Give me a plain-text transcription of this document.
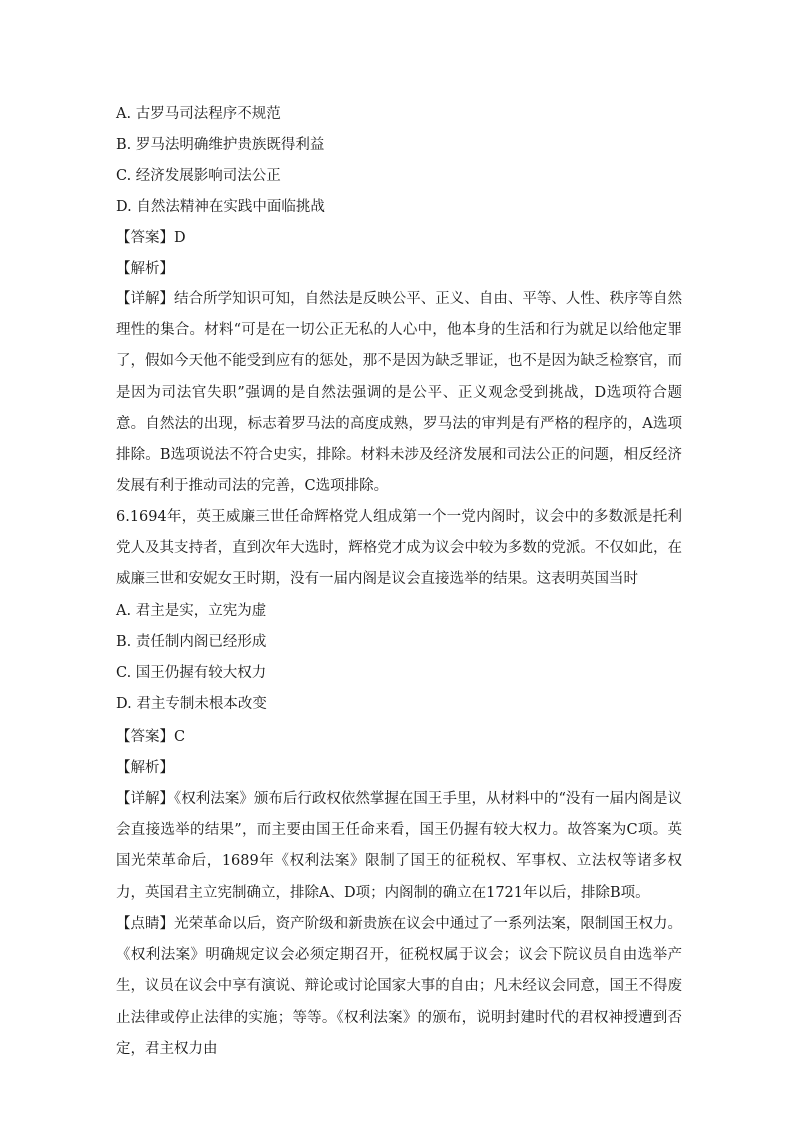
A. 古罗马司法程序不规范
B. 罗马法明确维护贵族既得利益
C. 经济发展影响司法公正
D. 自然法精神在实践中面临挑战
【答案】D
【解析】
【详解】结合所学知识可知，自然法是反映公平、正义、自由、平等、人性、秩序等自然理性的集合。材料“可是在一切公正无私的人心中，他本身的生活和行为就足以给他定罪了，假如今天他不能受到应有的惩处，那不是因为缺乏罪证，也不是因为缺乏检察官，而是因为司法官失职”强调的是自然法强调的是公平、正义观念受到挑战，D选项符合题意。自然法的出现，标志着罗马法的高度成熟，罗马法的审判是有严格的程序的，A选项排除。B选项说法不符合史实，排除。材料未涉及经济发展和司法公正的问题，相反经济发展有利于推动司法的完善，C选项排除。
6.1694年，英王威廉三世任命辉格党人组成第一个一党内阁时，议会中的多数派是托利党人及其支持者，直到次年大选时，辉格党才成为议会中较为多数的党派。不仅如此，在威廉三世和安妮女王时期，没有一届内阁是议会直接选举的结果。这表明英国当时
A. 君主是实，立宪为虚
B. 责任制内阁已经形成
C. 国王仍握有较大权力
D. 君主专制未根本改变
【答案】C
【解析】
【详解】《权利法案》颁布后行政权依然掌握在国王手里，从材料中的“没有一届内阁是议会直接选举的结果”，而主要由国王任命来看，国王仍握有较大权力。故答案为C项。英国光荣革命后，1689年《权利法案》限制了国王的征税权、军事权、立法权等诸多权力，英国君主立宪制确立，排除A、D项；内阁制的确立在1721年以后，排除B项。
【点睛】光荣革命以后，资产阶级和新贵族在议会中通过了一系列法案，限制国王权力。《权利法案》明确规定议会必须定期召开，征税权属于议会；议会下院议员自由选举产生，议员在议会中享有演说、辩论或讨论国家大事的自由；凡未经议会同意，国王不得废止法律或停止法律的实施；等等。《权利法案》的颁布，说明封建时代的君权神授遭到否定，君主权力由
